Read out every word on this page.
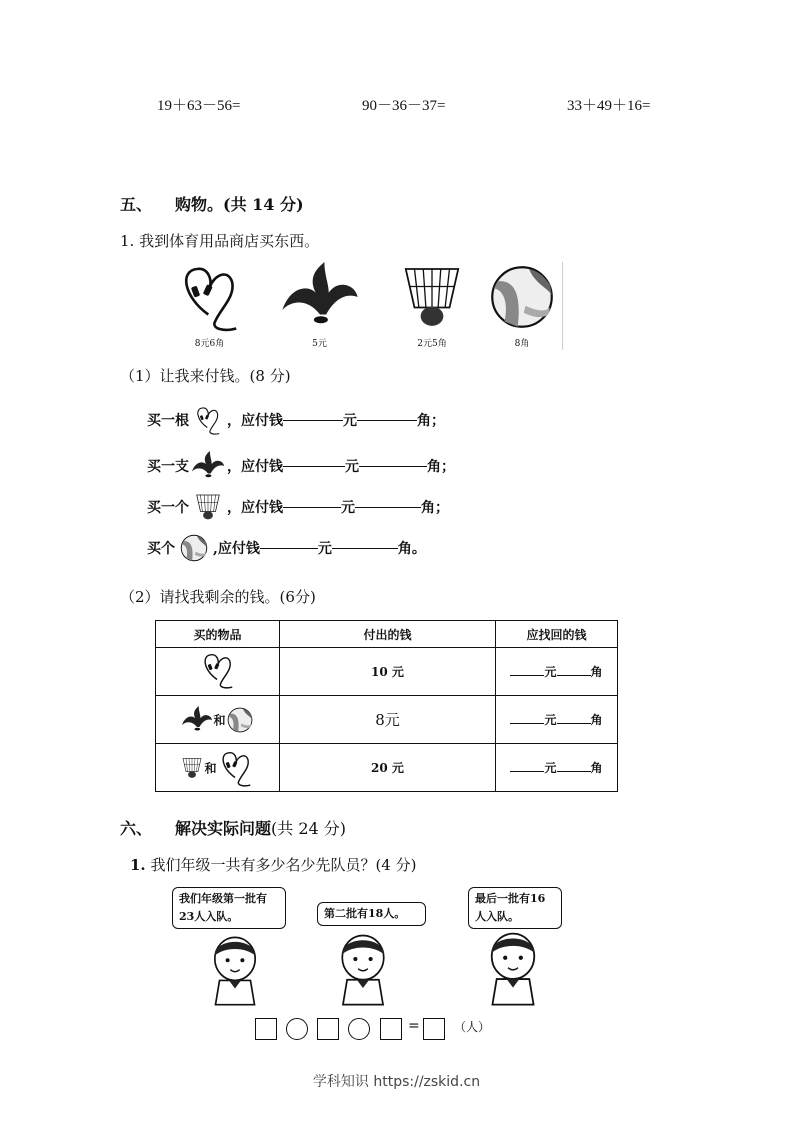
19＋63－56=	90－36－37=	33＋49＋16=
五、 购物。(共 14 分)
1. 我到体育用品商店买东西。
8元6角	5元	2元5角	8角
（1）让我来付钱。(8 分)
买一根	，应付钱	元	角；
买一支	，应付钱	元	角；
买一个	，应付钱	元	角；
买个	,应付钱	元	角。
（2）请找我剩余的钱。(6分)
买的物品	付出的钱	应找回的钱
	10 元	元 角
和	8元	元 角
和	20 元	元 角
六、 解决实际问题(共 24 分)
1. 我们年级一共有多少名少先队员？(4 分)
我们年级第一批有23人入队。	第二批有18人。
最后一批有16人入队。
=	（人）
学科知识 https://zskid.cn
